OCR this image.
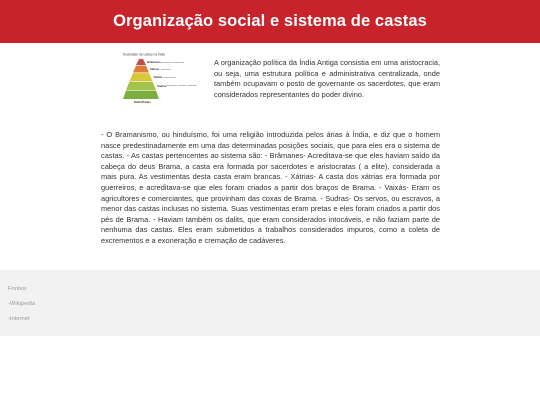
Organização social e sistema de castas
Sociedade de castas na Índia
Brâmanes sacerdotes e intelectuais
Xátrias guerreiros
Vaixás comerciantes
Sudras camponeses, artesãos e operários
Dalits/Párias

A organização política da Índia Antiga consistia em uma aristocracia, ou seja, uma estrutura política e administrativa centralizada, onde também ocupavam o posto de governante os sacerdotes, que eram considerados representantes do poder divino.

- O Bramanismo, ou hinduísmo, foi uma religião introduzida pelos árias à Índia, e diz que o homem nasce predestinadamente em uma das determinadas posições sociais, que para eles era o sistema de castas. - As castas pertencentes ao sistema são: - Brâmanes- Acreditava-se que eles haviam saído da cabeça do deus Brama, a casta era formada por sacerdotes e aristocratas ( a elite), considerada a mais pura. As vestimentas desta casta eram brancas. - Xátrias- A casta dos xátrias era formada por guerreiros, e acreditava-se que eles foram criados a partir dos braços de Brama. - Vaixás- Eram os agricultores e comerciantes, que provinham das coxas de Brama. - Sudras- Os servos, ou escravos, a menor das castas inclusas no sistema. Suas vestimentas eram pretas e eles foram criados a partir dos pés de Brama. - Haviam também os dalits, que eram considerados intocáveis, e não faziam parte de nenhuma das castas. Eles eram submetidos a trabalhos considerados impuros, como a coleta de excrementos e a exoneração e cremação de cadáveres.

Fontes:

-Wikipedia

-Internet
